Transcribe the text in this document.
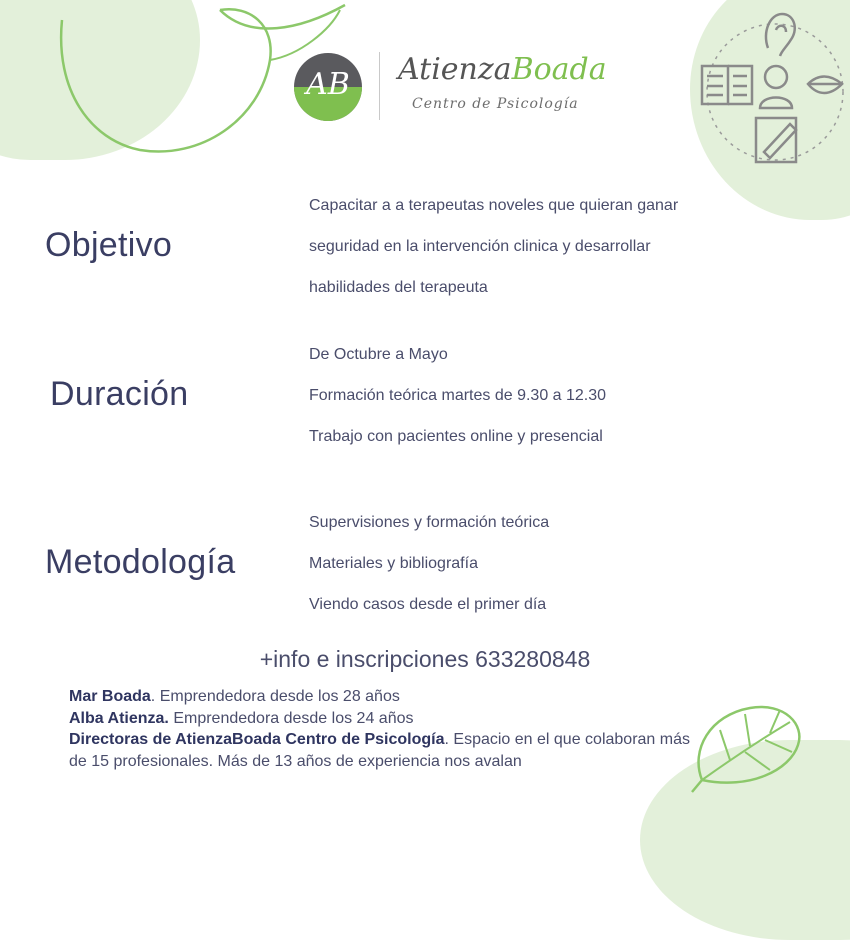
AB	AtienzaBoada
Centro de Psicología
Objetivo
Capacitar a a terapeutas noveles que quieran ganar
seguridad en la intervención clinica y desarrollar
habilidades del terapeuta
Duración
De Octubre a Mayo
Formación teórica martes de 9.30 a 12.30
Trabajo con pacientes online y presencial
Metodología
Supervisiones y formación teórica
Materiales y bibliografía
Viendo casos desde el primer día
+info e inscripciones 633280848
Mar Boada. Emprendedora desde los 28 años
Alba Atienza. Emprendedora desde los 24 años
Directoras de AtienzaBoada Centro de Psicología. Espacio en el que colaboran más de 15 profesionales. Más de 13 años de experiencia nos avalan
